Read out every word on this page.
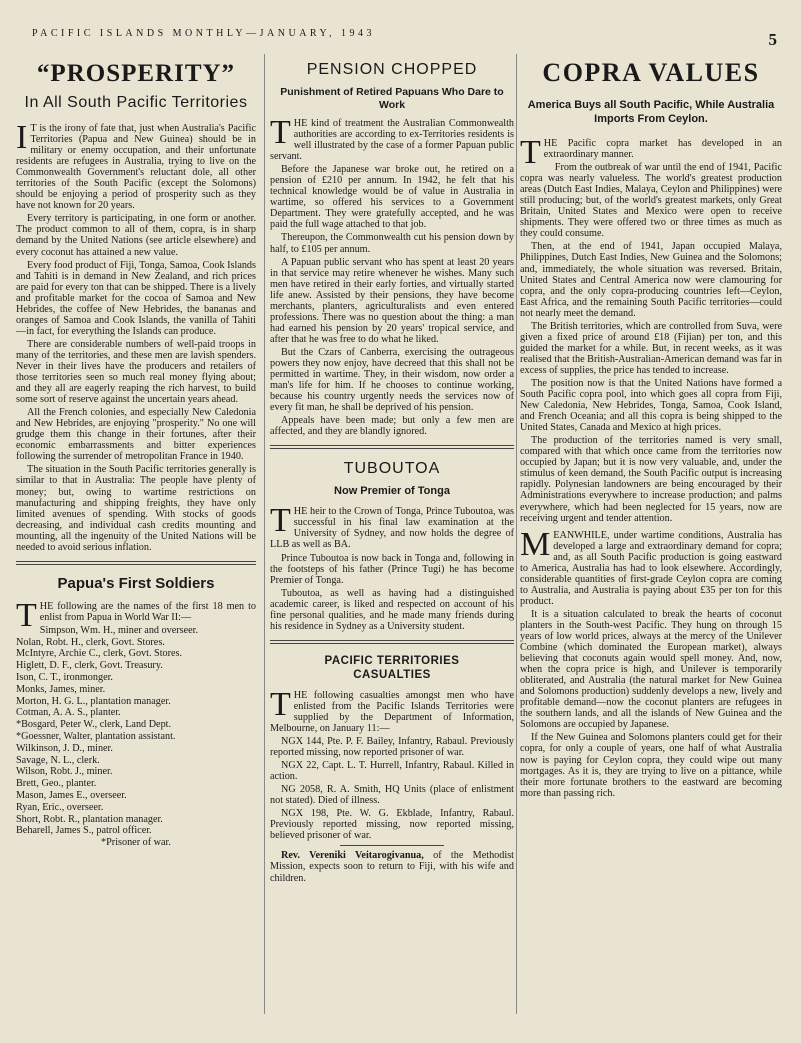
PACIFIC ISLANDS MONTHLY—JANUARY, 1943	5
“PROSPERITY”
In All South Pacific Territories

I T is the irony of fate that, just when Australia's Pacific Territories (Papua and New Guinea) should be in military or enemy occupation, and their unfortunate residents are refugees in Australia, trying to live on the Commonwealth Government's reluctant dole, all other territories of the South Pacific (except the Solomons) should be enjoying a period of prosperity such as they have not known for 20 years.

Every territory is participating, in one form or another. The product common to all of them, copra, is in sharp demand by the United Nations (see article elsewhere) and every coconut has attained a new value.

Every food product of Fiji, Tonga, Samoa, Cook Islands and Tahiti is in demand in New Zealand, and rich prices are paid for every ton that can be shipped. There is a lively and profitable market for the cocoa of Samoa and New Hebrides, the coffee of New Hebrides, the bananas and oranges of Samoa and Cook Islands, the vanilla of Tahiti—in fact, for everything the Islands can produce.

There are considerable numbers of well-paid troops in many of the territories, and these men are lavish spenders. Never in their lives have the producers and retailers of those territories seen so much real money flying about; and they all are eagerly reaping the rich harvest, to build some sort of reserve against the uncertain years ahead.

All the French colonies, and especially New Caledonia and New Hebrides, are enjoying "prosperity." No one will grudge them this change in their fortunes, after their economic embarrassments and bitter experiences following the surrender of metropolitan France in 1940.

The situation in the South Pacific territories generally is similar to that in Australia: The people have plenty of money; but, owing to wartime restrictions on manufacturing and shipping freights, they have only limited avenues of spending. With stocks of goods decreasing, and individual cash credits mounting and mounting, all the ingenuity of the United Nations will be needed to avoid serious inflation.

Papua's First Soldiers

THE following are the names of the first 18 men to enlist from Papua in World War II:—

Simpson, Wm. H., miner and overseer.

Nolan, Robt. H., clerk, Govt. Stores.

McIntyre, Archie C., clerk, Govt. Stores.

Higlett, D. F., clerk, Govt. Treasury.

Ison, C. T., ironmonger.

Monks, James, miner.

Morton, H. G. L., plantation manager.

Cotman, A. A. S., planter.

*Bosgard, Peter W., clerk, Land Dept.

*Goessner, Walter, plantation assistant.

Wilkinson, J. D., miner.

Savage, N. L., clerk.

Wilson, Robt. J., miner.

Brett, Geo., planter.

Mason, James E., overseer.

Ryan, Eric., overseer.

Short, Robt. R., plantation manager.

Beharell, James S., patrol officer.

*Prisoner of war.

PENSION CHOPPED
Punishment of Retired Papuans Who Dare to Work

THE kind of treatment the Australian Commonwealth authorities are according to ex-Territories residents is well illustrated by the case of a former Papuan public servant.

Before the Japanese war broke out, he retired on a pension of £210 per annum. In 1942, he felt that his technical knowledge would be of value in Australia in wartime, so offered his services to a Government Department. They were gratefully accepted, and he was paid the full wage attached to that job.

Thereupon, the Commonwealth cut his pension down by half, to £105 per annum.

A Papuan public servant who has spent at least 20 years in that service may retire whenever he wishes. Many such men have retired in their early forties, and virtually started life anew. Assisted by their pensions, they have become merchants, planters, agriculturalists and even entered professions. There was no question about the thing: a man had earned his pension by 20 years' tropical service, and after that he was free to do what he liked.

But the Czars of Canberra, exercising the outrageous powers they now enjoy, have decreed that this shall not be permitted in wartime. They, in their wisdom, now order a man's life for him. If he chooses to continue working, because his country urgently needs the services now of every fit man, he shall be deprived of his pension.

Appeals have been made; but only a few men are affected, and they are blandly ignored.

TUBOUTOA
Now Premier of Tonga

THE heir to the Crown of Tonga, Prince Tuboutoa, was successful in his final law examination at the University of Sydney, and now holds the degree of LLB as well as BA.

Prince Tuboutoa is now back in Tonga and, following in the footsteps of his father (Prince Tugi) he has become Premier of Tonga.

Tuboutoa, as well as having had a distinguished academic career, is liked and respected on account of his fine personal qualities, and he made many friends during his residence in Sydney as a University student.

PACIFIC TERRITORIES CASUALTIES

THE following casualties amongst men who have enlisted from the Pacific Islands Territories were supplied by the Department of Information, Melbourne, on January 11:—

NGX 144, Pte. P. F. Bailey, Infantry, Rabaul. Previously reported missing, now reported prisoner of war.

NGX 22, Capt. L. T. Hurrell, Infantry, Rabaul. Killed in action.

NG 2058, R. A. Smith, HQ Units (place of enlistment not stated). Died of illness.

NGX 198, Pte. W. G. Ekblade, Infantry, Rabaul. Previously reported missing, now reported missing, believed prisoner of war.

Rev. Vereniki Veitarogivanua, of the Methodist Mission, expects soon to return to Fiji, with his wife and children.

COPRA VALUES
America Buys all South Pacific, While Australia Imports From Ceylon.

THE Pacific copra market has developed in an extraordinary manner.

From the outbreak of war until the end of 1941, Pacific copra was nearly valueless. The world's greatest production areas (Dutch East Indies, Malaya, Ceylon and Philippines) were still producing; but, of the world's greatest markets, only Great Britain, United States and Mexico were open to receive shipments. They were offered two or three times as much as they could consume.

Then, at the end of 1941, Japan occupied Malaya, Philippines, Dutch East Indies, New Guinea and the Solomons; and, immediately, the whole situation was reversed. Britain, United States and Central America now were clamouring for copra, and the only copra-producing countries left—Ceylon, East Africa, and the remaining South Pacific territories—could not nearly meet the demand.

The British territories, which are controlled from Suva, were given a fixed price of around £18 (Fijian) per ton, and this guided the market for a while. But, in recent weeks, as it was realised that the British-Australian-American demand was far in excess of supplies, the price has tended to increase.

The position now is that the United Nations have formed a South Pacific copra pool, into which goes all copra from Fiji, New Caledonia, New Hebrides, Tonga, Samoa, Cook Island, and French Oceania; and all this copra is being shipped to the United States, Canada and Mexico at high prices.

The production of the territories named is very small, compared with that which once came from the territories now occupied by Japan; but it is now very valuable, and, under the stimulus of keen demand, the South Pacific output is increasing rapidly. Polynesian landowners are being encouraged by their Administrations everywhere to increase production; and palms everywhere, which had been neglected for 15 years, now are receiving urgent and tender attention.

MEANWHILE, under wartime conditions, Australia has developed a large and extraordinary demand for copra; and, as all South Pacific production is going eastward to America, Australia has had to look elsewhere. Accordingly, considerable quantities of first-grade Ceylon copra are coming to Australia, and Australia is paying about £35 per ton for this product.

It is a situation calculated to break the hearts of coconut planters in the South-west Pacific. They hung on through 15 years of low world prices, always at the mercy of the Unilever Combine (which dominated the European market), always believing that coconuts again would spell money. And, now, when the copra price is high, and Unilever is temporarily obliterated, and Australia (the natural market for New Guinea and Solomons production) suddenly develops a new, lively and profitable demand—now the coconut planters are refugees in the southern lands, and all the islands of New Guinea and the Solomons are occupied by Japanese.

If the New Guinea and Solomons planters could get for their copra, for only a couple of years, one half of what Australia now is paying for Ceylon copra, they could wipe out many mortgages. As it is, they are trying to live on a pittance, while their more fortunate brothers to the eastward are becoming more than passing rich.
